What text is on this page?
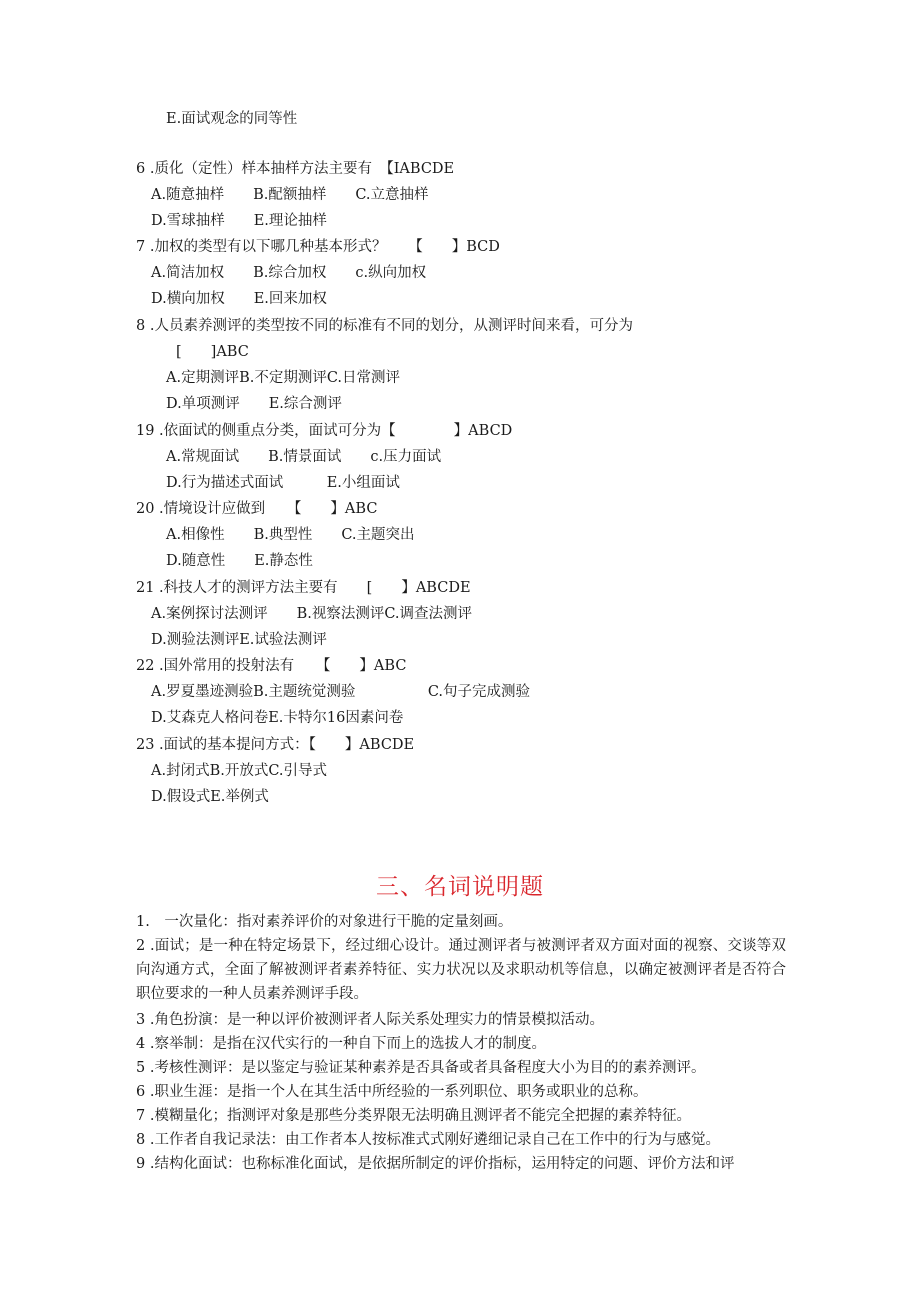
E.面试观念的同等性
6 .质化（定性）样本抽样方法主要有　【IABCDE
A.随意抽样　　B.配额抽样　　C.立意抽样
D.雪球抽样　　E.理论抽样
7 .加权的类型有以下哪几种基本形式？　　【　　】BCD
A.简洁加权　　B.综合加权　　c.纵向加权
D.横向加权　　E.回来加权
8 .人员素养测评的类型按不同的标准有不同的划分，从测评时间来看，可分为
[　　]ABC
A.定期测评B.不定期测评C.日常测评
D.单项测评　　E.综合测评
19 .依面试的侧重点分类，面试可分为【　　　　】ABCD
A.常规面试　　B.情景面试　　c.压力面试
D.行为描述式面试　　　E.小组面试
20 .情境设计应做到　　【　　】ABC
A.相像性　　B.典型性　　C.主题突出
D.随意性　　E.静态性
21 .科技人才的测评方法主要有　　[　　】ABCDE
A.案例探讨法测评　　B.视察法测评C.调查法测评
D.测验法测评E.试验法测评
22 .国外常用的投射法有　　【　　】ABC
A.罗夏墨迹测验B.主题统觉测验　　　　　C.句子完成测验
D.艾森克人格问卷E.卡特尔16因素问卷
23 .面试的基本提问方式：【　　】ABCDE
A.封闭式B.开放式C.引导式
D.假设式E.举例式
三、名词说明题
1.　一次量化：指对素养评价的对象进行干脆的定量刻画。
2 .面试；是一种在特定场景下，经过细心设计。通过测评者与被测评者双方面对面的视察、交谈等双向沟通方式，全面了解被测评者素养特征、实力状况以及求职动机等信息，以确定被测评者是否符合职位要求的一种人员素养测评手段。
3 .角色扮演：是一种以评价被测评者人际关系处理实力的情景模拟活动。
4 .察举制：是指在汉代实行的一种自下而上的选拔人才的制度。
5 .考核性测评：是以鉴定与验证某种素养是否具备或者具备程度大小为目的的素养测评。
6 .职业生涯：是指一个人在其生活中所经验的一系列职位、职务或职业的总称。
7 .模糊量化；指测评对象是那些分类界限无法明确且测评者不能完全把握的素养特征。
8 .工作者自我记录法：由工作者本人按标准式式刚好遴细记录自己在工作中的行为与感觉。
9 .结构化面试：也称标准化面试，是依据所制定的评价指标，运用特定的问题、评价方法和评
